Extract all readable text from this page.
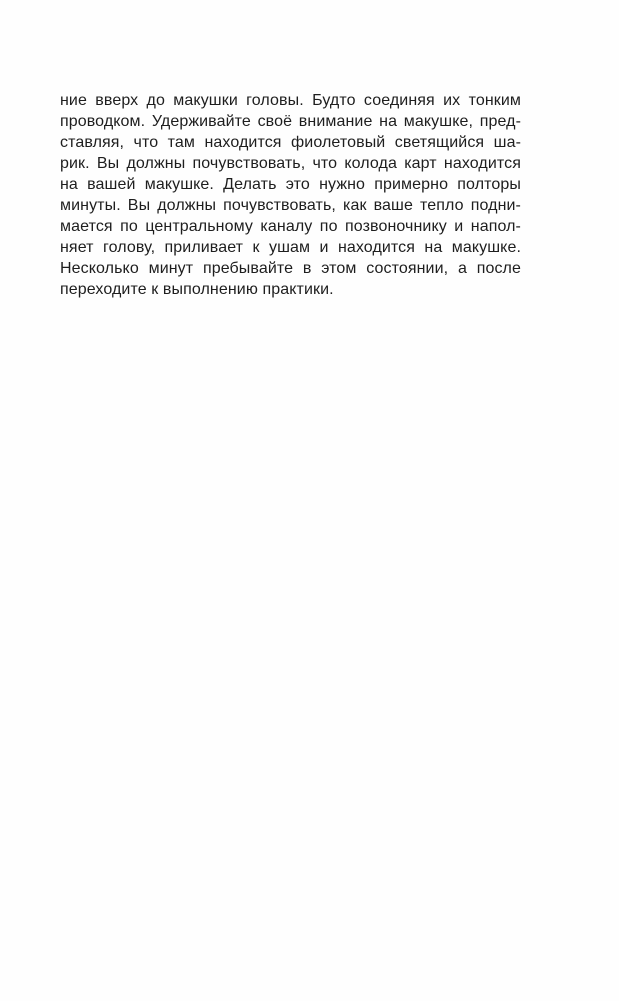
ние вверх до макушки головы. Будто соединяя их тонким
проводком. Удерживайте своё внимание на макушке, пред-
ставляя, что там находится фиолетовый светящийся ша-
рик. Вы должны почувствовать, что колода карт находится
на вашей макушке. Делать это нужно примерно полторы
минуты. Вы должны почувствовать, как ваше тепло подни-
мается по центральному каналу по позвоночнику и напол-
няет голову, приливает к ушам и находится на макушке.
Несколько минут пребывайте в этом состоянии, а после
переходите к выполнению практики.
